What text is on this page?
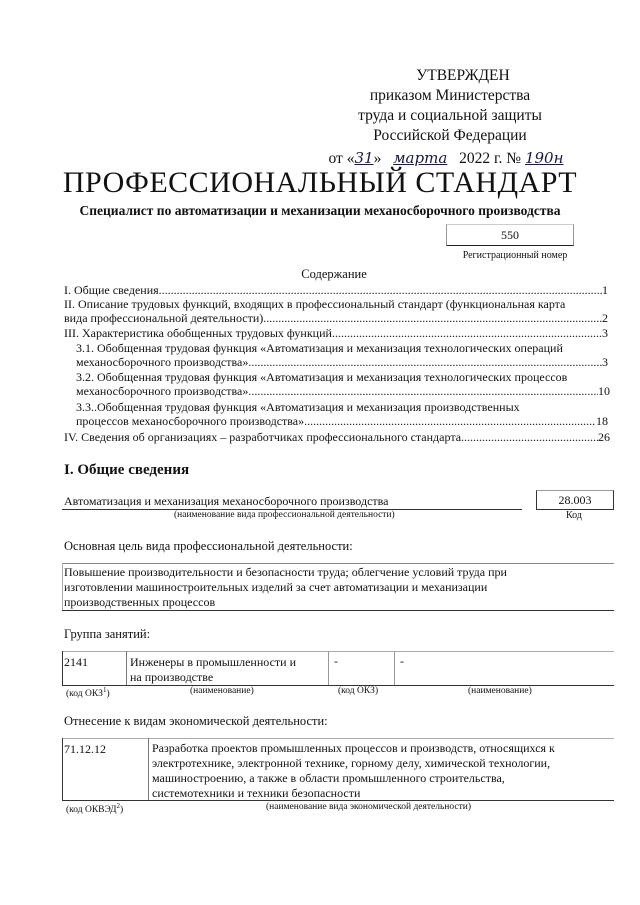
УТВЕРЖДЕН
приказом Министерства
труда и социальной защиты
Российской Федерации
от «31» марта 2022 г. № 190н
ПРОФЕССИОНАЛЬНЫЙ СТАНДАРТ
Специалист по автоматизации и механизации механосборочного производства
550
Регистрационный номер
Содержание
I. Общие сведения .....	1
II. Описание трудовых функций, входящих в профессиональный стандарт (функциональная карта
вида профессиональной деятельности) .....	2
III. Характеристика обобщенных трудовых функций .....	3
3.1. Обобщенная трудовая функция «Автоматизация и механизация технологических операций
механосборочного производства» .....	3
3.2. Обобщенная трудовая функция «Автоматизация и механизация технологических процессов
механосборочного производства» .....	10
3.3..Обобщенная трудовая функция «Автоматизация и механизация производственных
процессов механосборочного производства» .....	18
IV. Сведения об организациях – разработчиках профессионального стандарта .....	26
I. Общие сведения
Автоматизация и механизация механосборочного производства
(наименование вида профессиональной деятельности)
28.003
Код
Основная цель вида профессиональной деятельности:
Повышение производительности и безопасности труда; облегчение условий труда при
изготовлении машиностроительных изделий за счет автоматизации и механизации
производственных процессов
Группа занятий:
2141	Инженеры в промышленности и
на производстве
-	-
(код ОКЗ$^1$)	(наименование)	(код ОКЗ)	(наименование)
Отнесение к видам экономической деятельности:
71.12.12	Разработка проектов промышленных процессов и производств, относящихся к
электротехнике, электронной технике, горному делу, химической технологии,
машиностроению, а также в области промышленного строительства,
системотехники и техники безопасности
(код ОКВЭД$^2$)	(наименование вида экономической деятельности)
